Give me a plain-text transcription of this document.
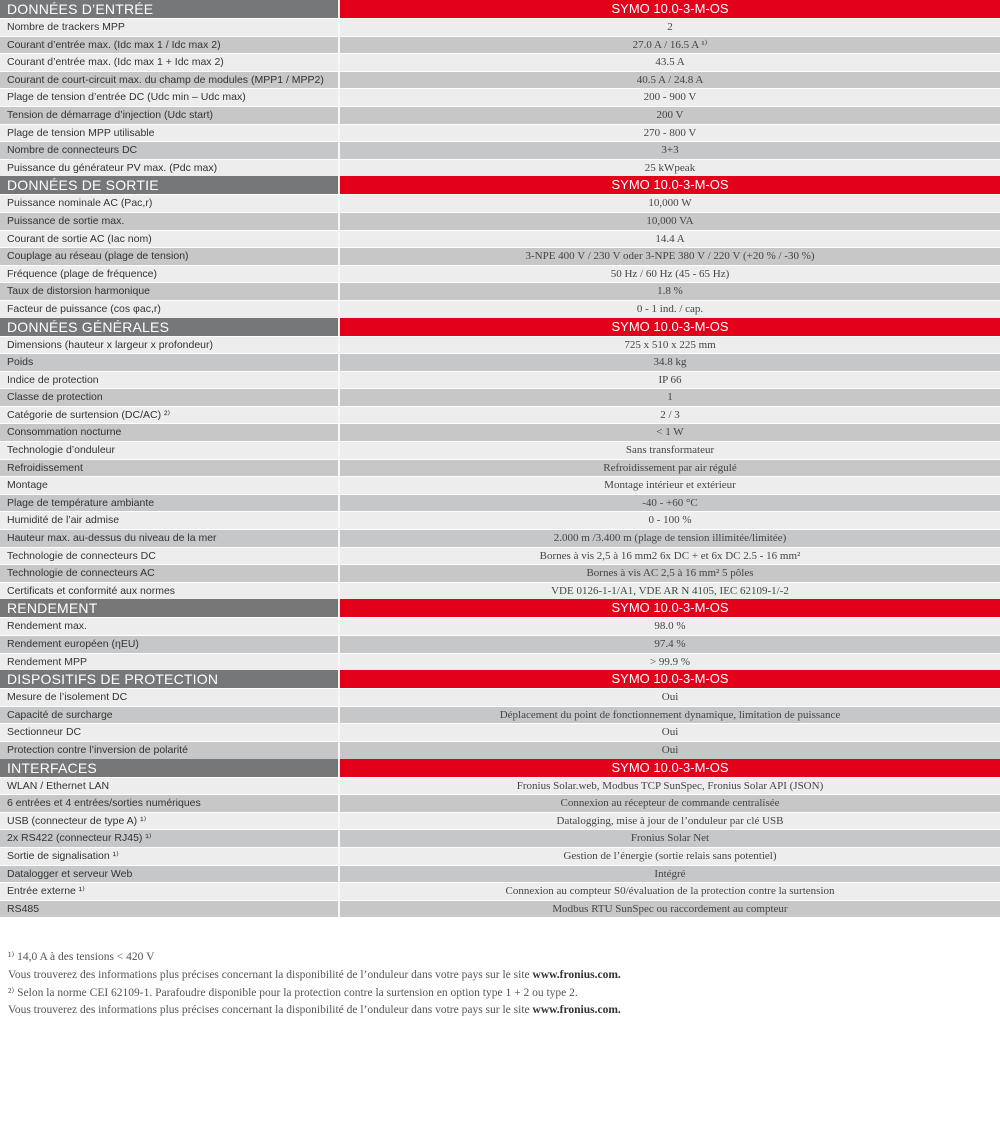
DONNÉES D’ENTRÉE	SYMO 10.0-3-M-OS
Nombre de trackers MPP	2
Courant d’entrée max. (Idc max 1 / Idc max 2)	27.0 A / 16.5 A ¹⁾
Courant d’entrée max. (Idc max 1 + Idc max 2)	43.5 A
Courant de court-circuit max. du champ de modules (MPP1 / MPP2)	40.5 A / 24.8 A
Plage de tension d’entrée DC (Udc min – Udc max)	200 - 900 V
Tension de démarrage d’injection (Udc start)	200 V
Plage de tension MPP utilisable	270 - 800 V
Nombre de connecteurs DC	3+3
Puissance du générateur PV max. (Pdc max)	25 kWpeak
DONNÉES DE SORTIE	SYMO 10.0-3-M-OS
Puissance nominale AC (Pac,r)	10,000 W
Puissance de sortie max.	10,000 VA
Courant de sortie AC (Iac nom)	14.4 A
Couplage au réseau (plage de tension)	3-NPE 400 V / 230 V oder 3-NPE 380 V / 220 V (+20 % / -30 %)
Fréquence (plage de fréquence)	50 Hz / 60 Hz (45 - 65 Hz)
Taux de distorsion harmonique	1.8 %
Facteur de puissance (cos φac,r)	0 - 1 ind. / cap.
DONNÉES GÉNÉRALES	SYMO 10.0-3-M-OS
Dimensions (hauteur x largeur x profondeur)	725 x 510 x 225 mm
Poids	34.8 kg
Indice de protection	IP 66
Classe de protection	1
Catégorie de surtension (DC/AC) ²⁾	2 / 3
Consommation nocturne	< 1 W
Technologie d’onduleur	Sans transformateur
Refroidissement	Refroidissement par air régulé
Montage	Montage intérieur et extérieur
Plage de température ambiante	-40 - +60 °C
Humidité de l’air admise	0 - 100 %
Hauteur max. au-dessus du niveau de la mer	2.000 m /3.400 m (plage de tension illimitée/limitée)
Technologie de connecteurs DC	Bornes à vis 2,5 à 16 mm2 6x DC + et 6x DC 2.5 - 16 mm²
Technologie de connecteurs AC	Bornes à vis AC 2,5 à 16 mm² 5 pôles
Certificats et conformité aux normes	VDE 0126-1-1/A1, VDE AR N 4105, IEC 62109-1/-2
RENDEMENT	SYMO 10.0-3-M-OS
Rendement max.	98.0 %
Rendement européen (ηEU)	97.4 %
Rendement MPP	> 99.9 %
DISPOSITIFS DE PROTECTION	SYMO 10.0-3-M-OS
Mesure de l’isolement DC	Oui
Capacité de surcharge	Déplacement du point de fonctionnement dynamique, limitation de puissance
Sectionneur DC	Oui
Protection contre l’inversion de polarité	Oui
INTERFACES	SYMO 10.0-3-M-OS
WLAN / Ethernet LAN	Fronius Solar.web, Modbus TCP SunSpec, Fronius Solar API (JSON)
6 entrées et 4 entrées/sorties numériques	Connexion au récepteur de commande centralisée
USB (connecteur de type A) ¹⁾	Datalogging, mise à jour de l’onduleur par clé USB
2x RS422 (connecteur RJ45) ¹⁾	Fronius Solar Net
Sortie de signalisation ¹⁾	Gestion de l’énergie (sortie relais sans potentiel)
Datalogger et serveur Web	Intégré
Entrée externe ¹⁾	Connexion au compteur S0/évaluation de la protection contre la surtension
RS485	Modbus RTU SunSpec ou raccordement au compteur
¹⁾ 14,0 A à des tensions < 420 V
Vous trouverez des informations plus précises concernant la disponibilité de l’onduleur dans votre pays sur le site www.fronius.com.
²⁾ Selon la norme CEI 62109-1. Parafoudre disponible pour la protection contre la surtension en option type 1 + 2 ou type 2.
Vous trouverez des informations plus précises concernant la disponibilité de l’onduleur dans votre pays sur le site www.fronius.com.
